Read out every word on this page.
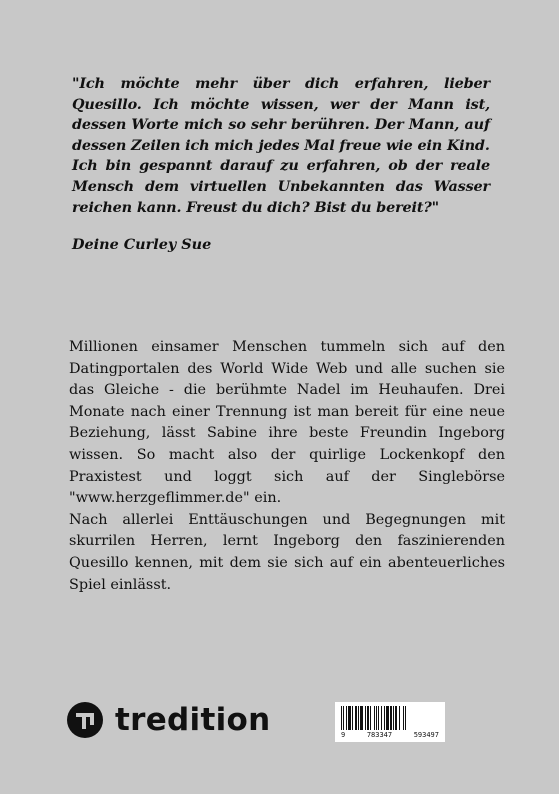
"Ich möchte mehr über dich erfahren, lieber Quesillo. Ich möchte wissen, wer der Mann ist, dessen Worte mich so sehr berühren. Der Mann, auf dessen Zeilen ich mich jedes Mal freue wie ein Kind.

Ich bin gespannt darauf zu erfahren, ob der reale Mensch dem virtuellen Unbekannten das Wasser reichen kann. Freust du dich? Bist du bereit?"

Deine Curley Sue

Millionen einsamer Menschen tummeln sich auf den Datingportalen des World Wide Web und alle suchen sie das Gleiche - die berühmte Nadel im Heuhaufen. Drei Monate nach einer Trennung ist man bereit für eine neue Beziehung, lässt Sabine ihre beste Freundin Ingeborg wissen. So macht also der quirlige Lockenkopf den Praxistest und loggt sich auf der Singlebörse "www.herzgeflimmer.de" ein.

Nach allerlei Enttäuschungen und Begegnungen mit skurrilen Herren, lernt Ingeborg den faszinierenden Quesillo kennen, mit dem sie sich auf ein abenteuerliches Spiel einlässt.

tredition	9	783347	593497
